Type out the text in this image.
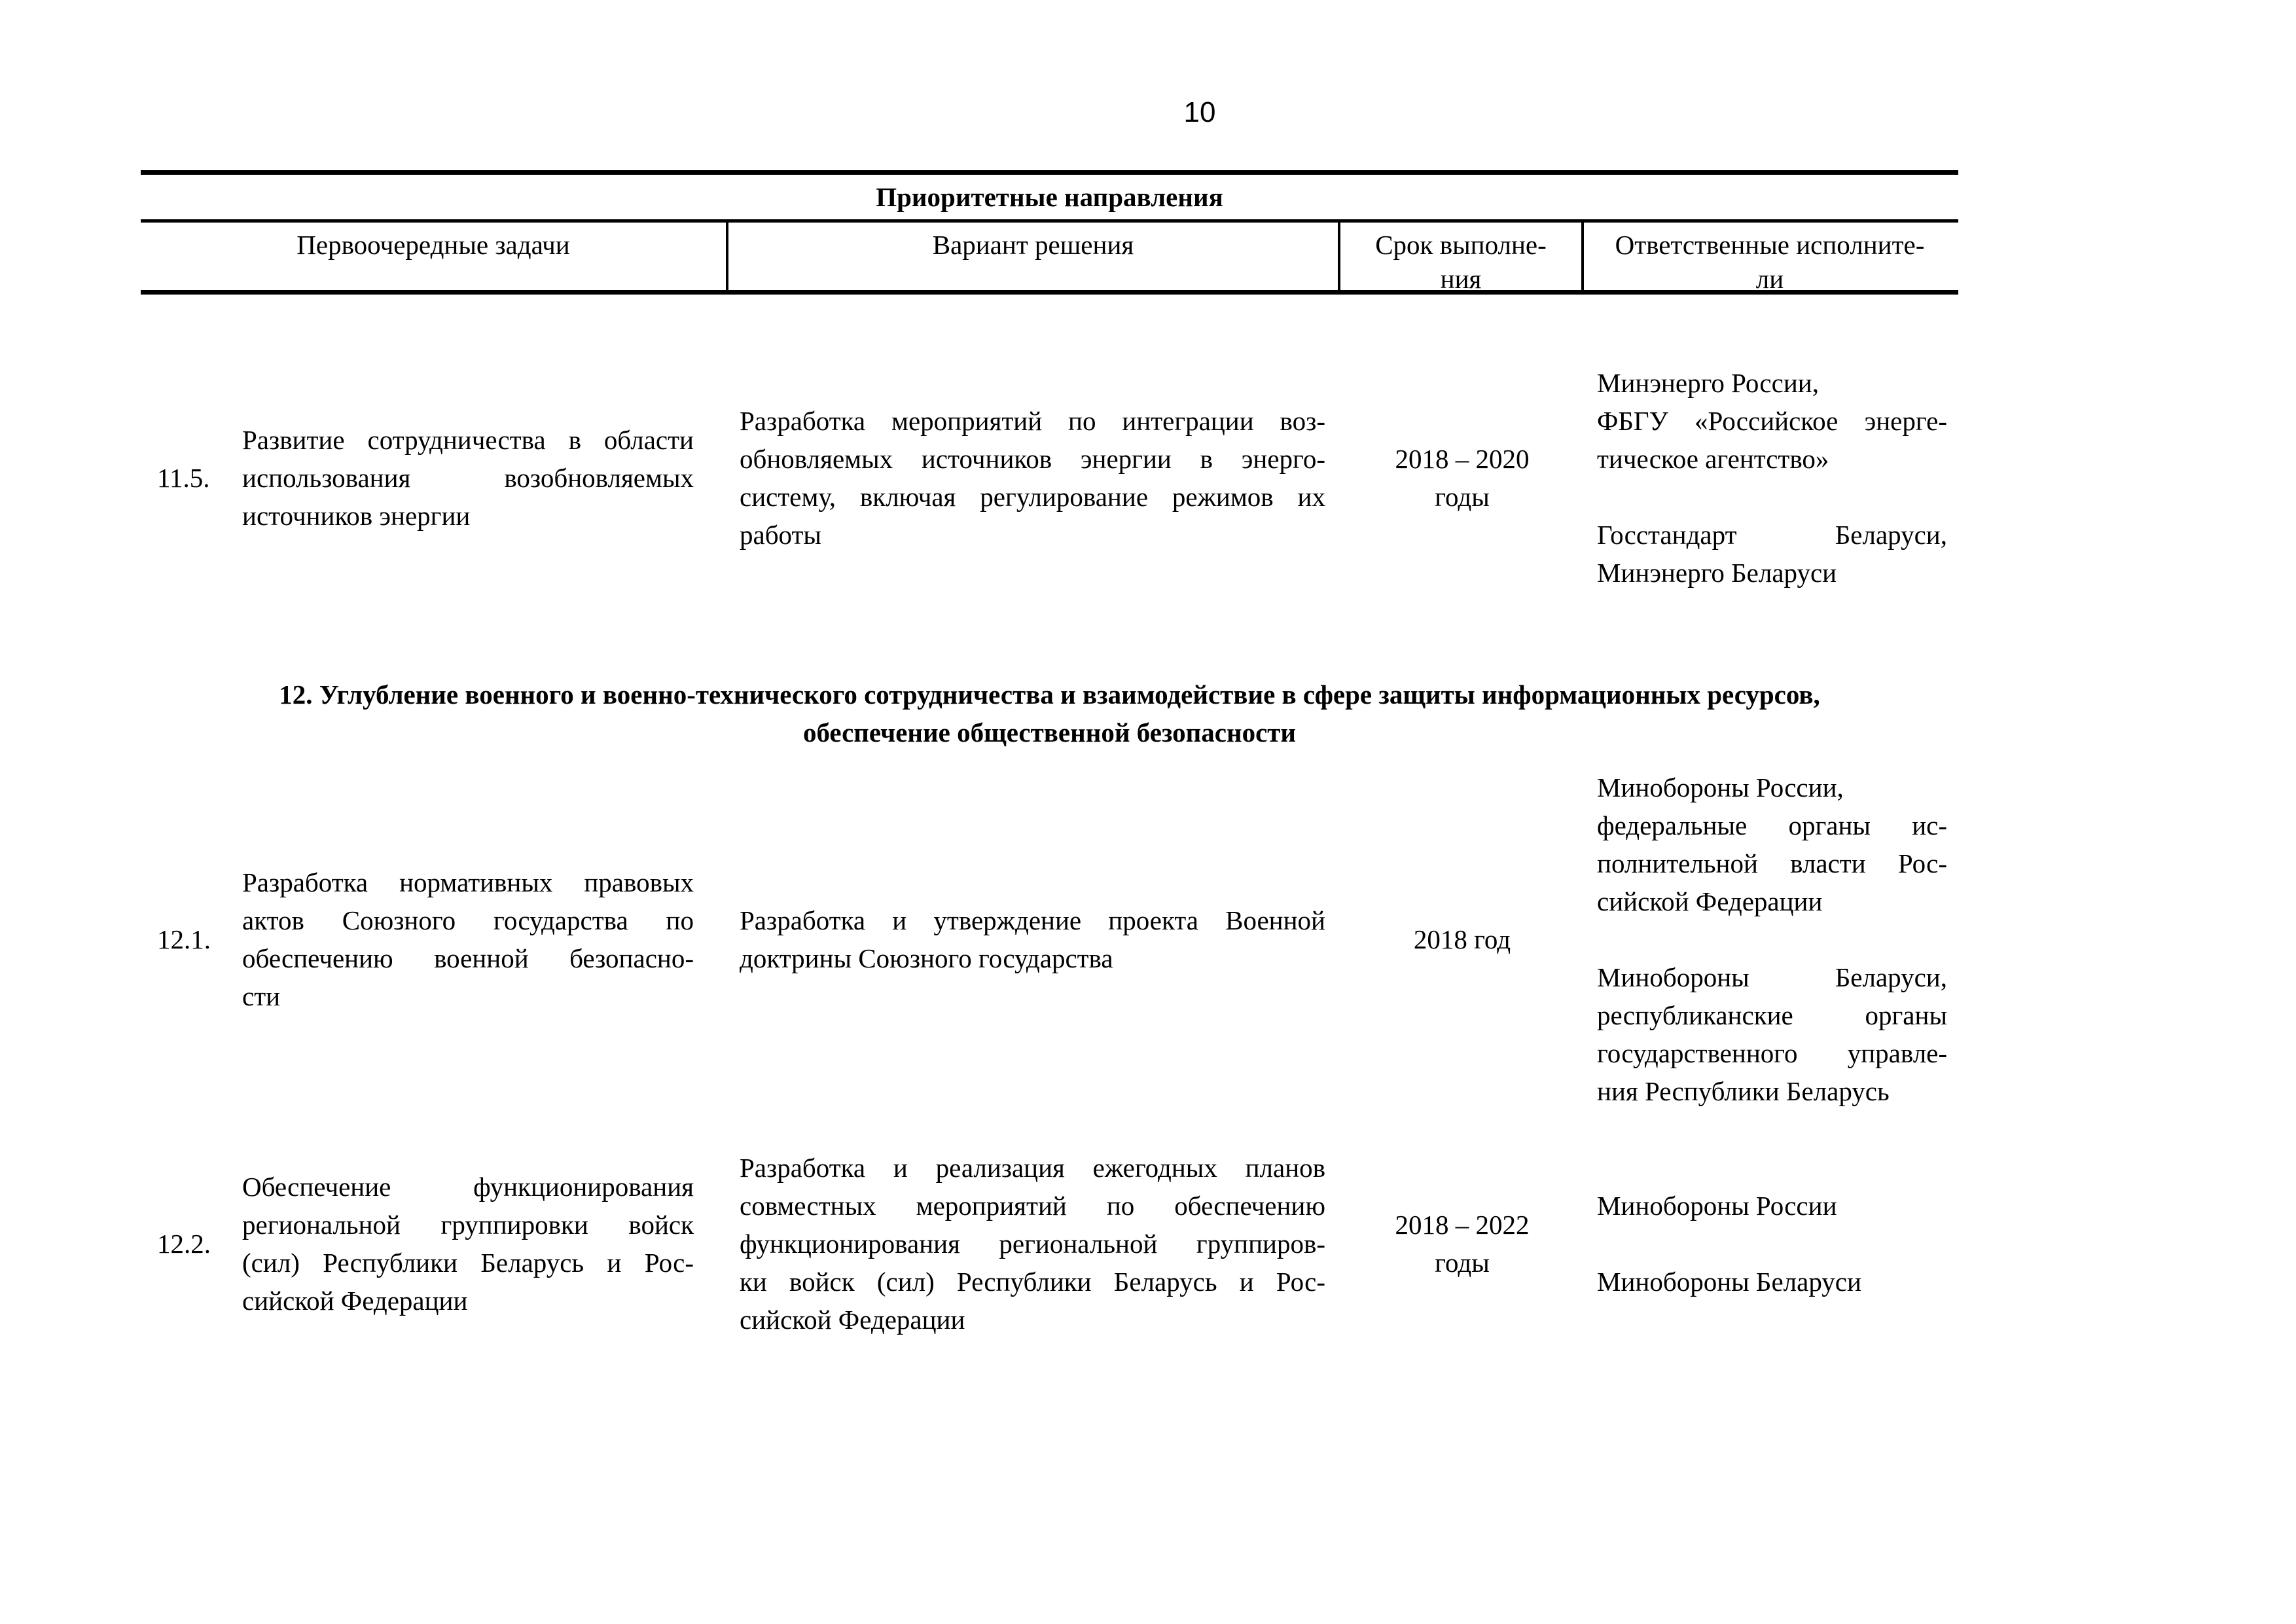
10
Приоритетные направления
Первоочередные задачи	Вариант решения	Срок выполне-
ния
Ответственные исполните-
ли
11.5.
Развитие сотрудничества в области
использования возобновляемых
источников энергии
Разработка мероприятий по интеграции воз-
обновляемых источников энергии в энерго-
систему, включая регулирование режимов их
работы
2018 – 2020
годы
Минэнерго России,
ФБГУ «Российское энерге-
тическое агентство»

Госстандарт Беларуси,
Минэнерго Беларуси
12. Углубление военного и военно-технического сотрудничества и взаимодействие в сфере защиты информационных ресурсов,
обеспечение общественной безопасности
12.1.
Разработка нормативных правовых
актов Союзного государства по
обеспечению военной безопасно-
сти
Разработка и утверждение проекта Военной
доктрины Союзного государства
2018 год
Минобороны России,
федеральные органы ис-
полнительной власти Рос-
сийской Федерации

Минобороны Беларуси,
республиканские органы
государственного управле-
ния Республики Беларусь
12.2.
Обеспечение функционирования
региональной группировки войск
(сил) Республики Беларусь и Рос-
сийской Федерации
Разработка и реализация ежегодных планов
совместных мероприятий по обеспечению
функционирования региональной группиров-
ки войск (сил) Республики Беларусь и Рос-
сийской Федерации
2018 – 2022
годы
Минобороны России

Минобороны Беларуси
